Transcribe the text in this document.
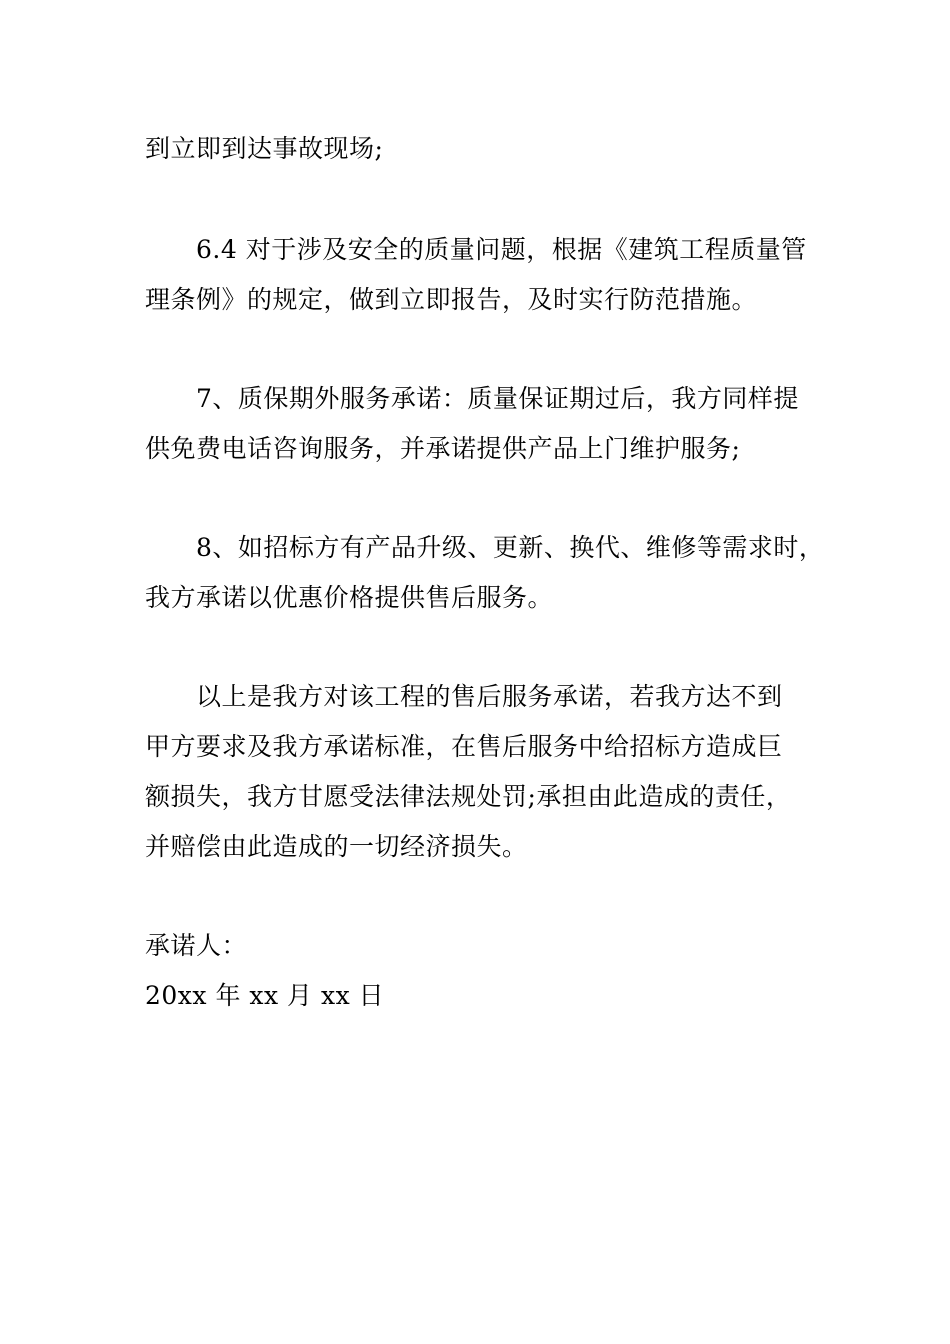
到立即到达事故现场;
6.4 对于涉及安全的质量问题，根据《建筑工程质量管
理条例》的规定，做到立即报告，及时实行防范措施。
7、质保期外服务承诺：质量保证期过后，我方同样提
供免费电话咨询服务，并承诺提供产品上门维护服务;
8、如招标方有产品升级、更新、换代、维修等需求时，
我方承诺以优惠价格提供售后服务。
以上是我方对该工程的售后服务承诺，若我方达不到
甲方要求及我方承诺标准，在售后服务中给招标方造成巨
额损失，我方甘愿受法律法规处罚;承担由此造成的责任，
并赔偿由此造成的一切经济损失。
承诺人：
20xx 年 xx 月 xx 日
